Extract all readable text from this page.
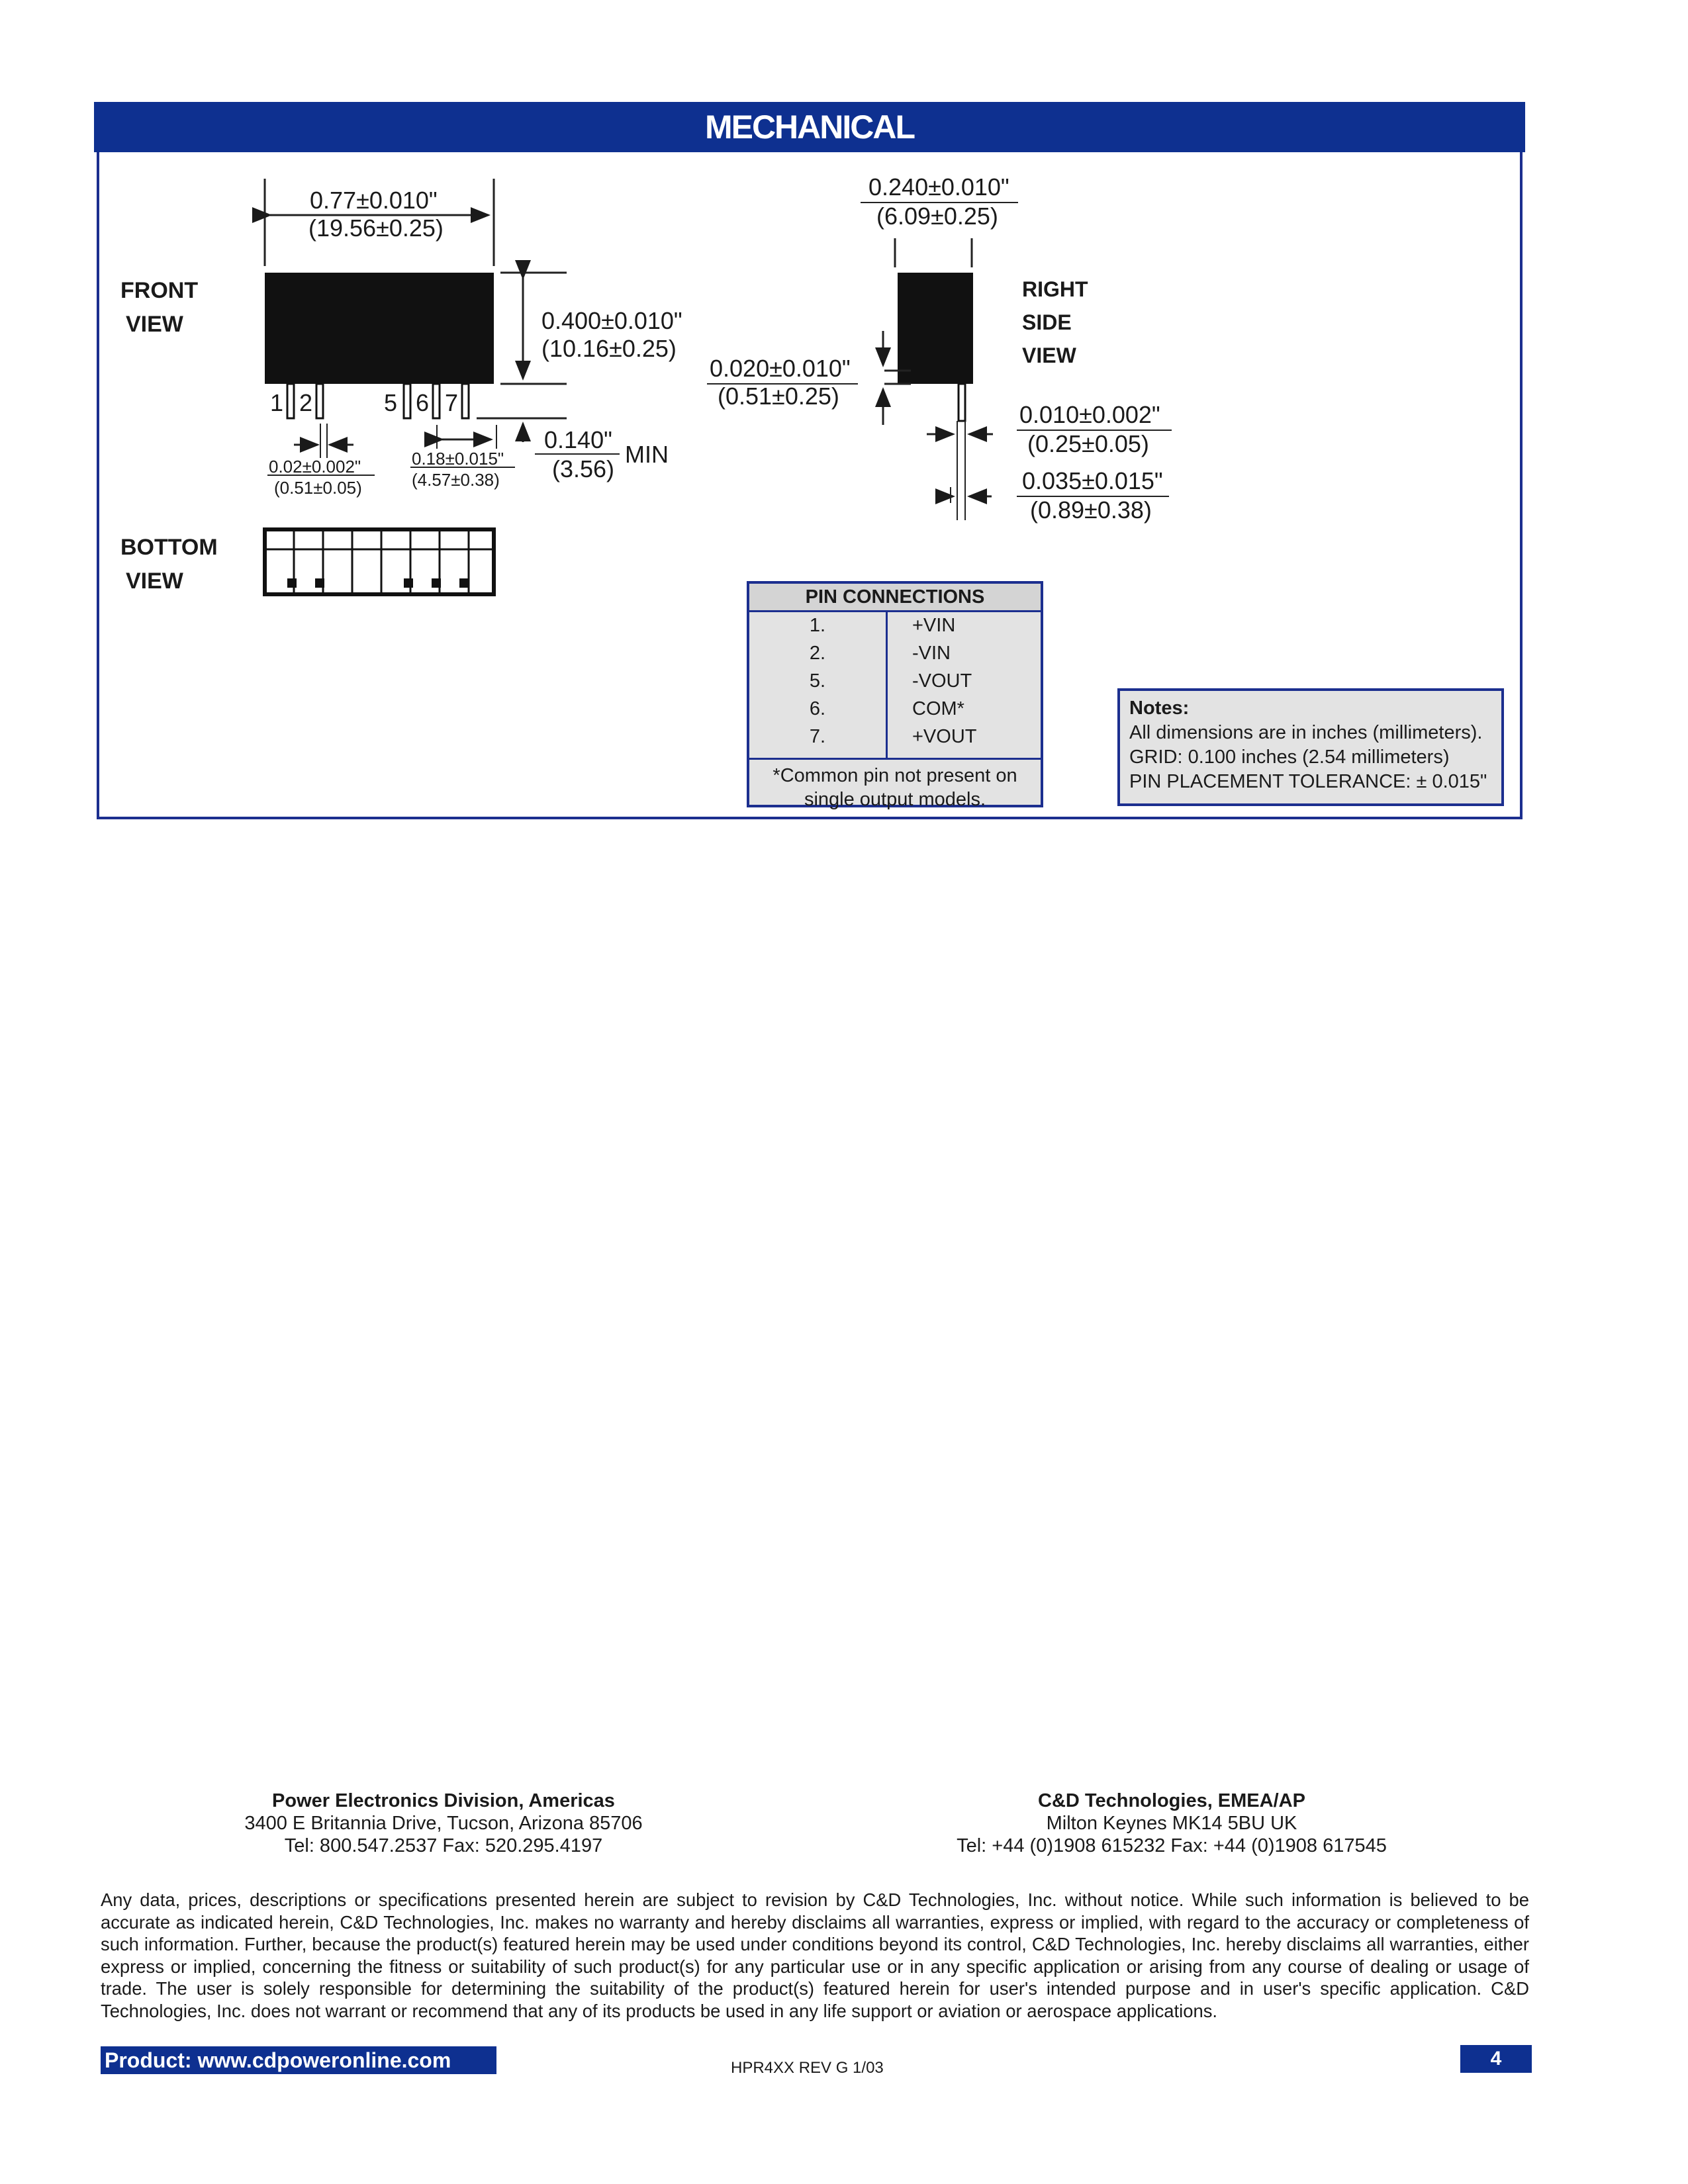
MECHANICAL
FRONT
VIEW
0.77±0.010"
(19.56±0.25)
0.400±0.010"
(10.16±0.25)
1 2	5 6 7
0.140"
MIN
(3.56)
0.02±0.002"
(0.51±0.05)
0.18±0.015"
(4.57±0.38)
BOTTOM
VIEW
0.240±0.010"
(6.09±0.25)
RIGHT
SIDE
VIEW
0.020±0.010"
(0.51±0.25)
0.010±0.002"
(0.25±0.05)
0.035±0.015"
(0.89±0.38)
PIN CONNECTIONS
1.	+VIN
2.	-VIN
5.	-VOUT
6.	COM*
7.	+VOUT
*Common pin not present on
single output models.
Notes:
All dimensions are in inches (millimeters).
GRID: 0.100 inches (2.54 millimeters)
PIN PLACEMENT TOLERANCE: ± 0.015"
Power Electronics Division, Americas
3400 E Britannia Drive, Tucson, Arizona 85706
Tel: 800.547.2537 Fax: 520.295.4197
C&D Technologies, EMEA/AP
Milton Keynes MK14 5BU UK
Tel: +44 (0)1908 615232 Fax: +44 (0)1908 617545
Any data, prices, descriptions or specifications presented herein are subject to revision by C&D Technologies, Inc. without notice. While such information is believed to be accurate as indicated herein, C&D Technologies, Inc. makes no warranty and hereby disclaims all warranties, express or implied, with regard to the accuracy or completeness of such information. Further, because the product(s) featured herein may be used under conditions beyond its control, C&D Technologies, Inc. hereby disclaims all warranties, either express or implied, concerning the fitness or suitability of such product(s) for any particular use or in any specific application or arising from any course of dealing or usage of trade. The user is solely responsible for determining the suitability of the product(s) featured herein for user's intended purpose and in user's specific application. C&D Technologies, Inc. does not warrant or recommend that any of its products be used in any life support or aviation or aerospace applications.
Product: www.cdpoweronline.com	HPR4XX REV G 1/03	4
